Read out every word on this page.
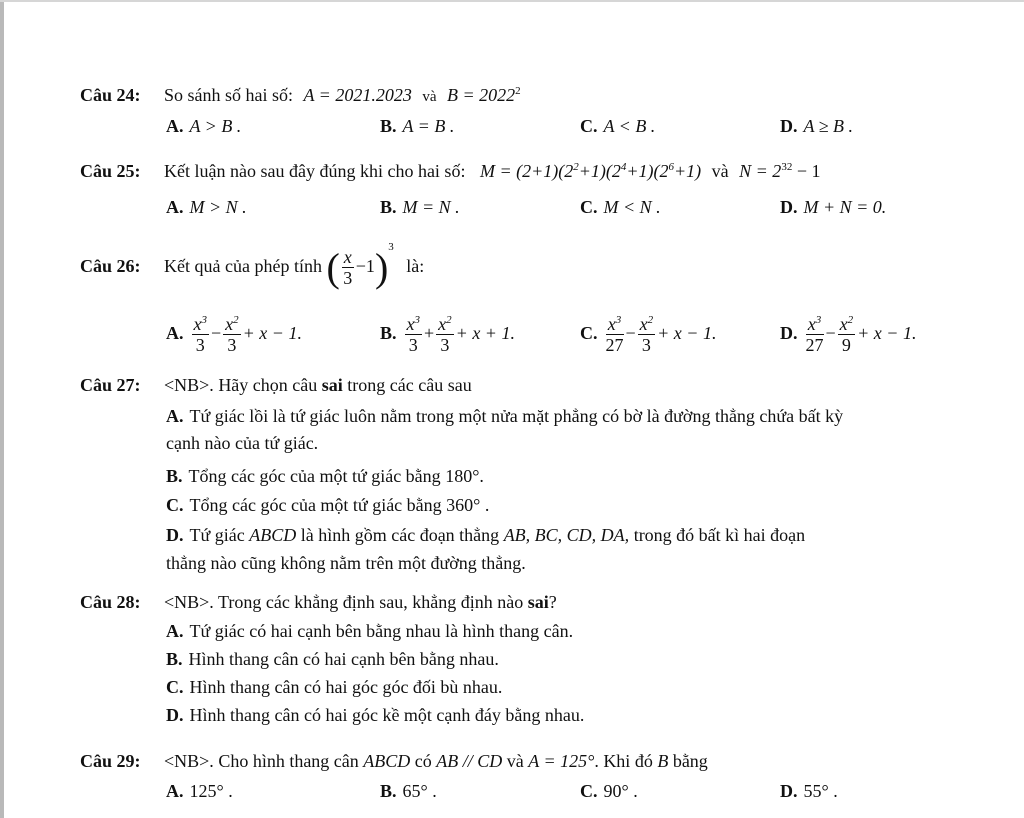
Câu 24: So sánh số hai số: A = 2021.2023 và $B = 2022^2$
A. A > B .	B. A = B .	C. A < B .	D. A ≥ B .
Câu 25: Kết luận nào sau đây đúng khi cho hai số: $M = (2+1)(2^2+1)(2^4+1)(2^6+1)$ và $N = 2^{32} - 1$
A. M > N .	B. M = N .	C. M < N .	D. M + N = 0.
Câu 26: Kết quả của phép tính ( $\frac{x}{3} -1)^3$ là:
A. $\frac{x^3}{3} - \frac{x^2}{3} + x - 1$.	B. $\frac{x^3}{3} + \frac{x^2}{3} + x + 1$.	C. $\frac{x^3}{27} - \frac{x^2}{3} + x - 1$.	D. $\frac{x^3}{27} - \frac{x^2}{9} + x - 1$.
Câu 27: <NB>. Hãy chọn câu sai trong các câu sau
A. Tứ giác lồi là tứ giác luôn nằm trong một nửa mặt phẳng có bờ là đường thẳng chứa bất kỳ
cạnh nào của tứ giác.
B. Tổng các góc của một tứ giác bằng 180°.
C. Tổng các góc của một tứ giác bằng 360° .
D. Tứ giác ABCD là hình gồm các đoạn thẳng AB, BC, CD, DA, trong đó bất kì hai đoạn
thẳng nào cũng không nằm trên một đường thẳng.
Câu 28: <NB>. Trong các khẳng định sau, khẳng định nào sai?
A. Tứ giác có hai cạnh bên bằng nhau là hình thang cân.
B. Hình thang cân có hai cạnh bên bằng nhau.
C. Hình thang cân có hai góc góc đối bù nhau.
D. Hình thang cân có hai góc kề một cạnh đáy bằng nhau.
Câu 29: <NB>. Cho hình thang cân ABCD có AB // CD và A = 125°. Khi đó B bằng
A. 125° .	B. 65° .	C. 90° .	D. 55° .
